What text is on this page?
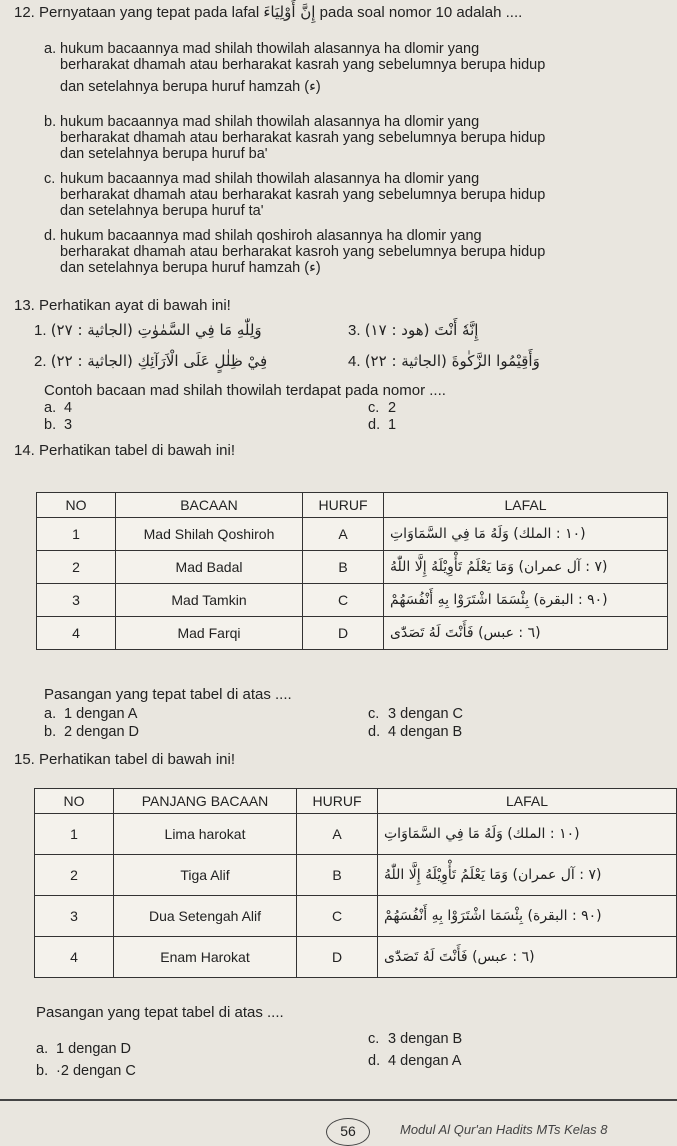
12. Pernyataan yang tepat pada lafal إِنَّ أَوْلِيَاءَ pada soal nomor 10 adalah ....
a. hukum bacaannya mad shilah thowilah alasannya ha dlomir yang
berharakat dhamah atau berharakat kasrah yang sebelumnya berupa hidup
dan setelahnya berupa huruf hamzah (ء)
b. hukum bacaannya mad shilah thowilah alasannya ha dlomir yang
berharakat dhamah atau berharakat kasrah yang sebelumnya berupa hidup
dan setelahnya berupa huruf ba'
c. hukum bacaannya mad shilah thowilah alasannya ha dlomir yang
berharakat dhamah atau berharakat kasrah yang sebelumnya berupa hidup
dan setelahnya berupa huruf ta'
d. hukum bacaannya mad shilah qoshiroh alasannya ha dlomir yang
berharakat dhamah atau berharakat kasroh yang sebelumnya berupa hidup
dan setelahnya berupa huruf hamzah (ء)
13. Perhatikan ayat di bawah ini!
1. وَلِلّٰهِ مَا فِي السَّمٰوٰتِ (الجاثية : ٢٧)	3. إِنَّهٗ أَنْتَ (هود : ١٧)
2. فِيْ ظِلٰلٍ عَلَى الْاَرَآئِكِ (الجاثية : ٢٢)	4. وَأَقِيْمُوا الزَّكٰوةَ (الجاثية : ٢٢)
Contoh bacaan mad shilah thowilah terdapat pada nomor ....
a. 4
b. 3
c. 2
d. 1
14. Perhatikan tabel di bawah ini!
NO	BACAAN	HURUF	LAFAL
1	Mad Shilah Qoshiroh	A	(١٠ : الملك) وَلَهُ مَا فِي السَّمَاوَاتِ
2	Mad Badal	B	(٧ : آل عمران) وَمَا يَعْلَمُ تَأْوِيْلَهُ إِلَّا اللّٰهُ
3	Mad Tamkin	C	(٩٠ : البقرة) بِئْسَمَا اشْتَرَوْا بِهِ أَنْفُسَهُمْ
4	Mad Farqi	D	(٦ : عبس) فَأَنْتَ لَهُ تَصَدّٰى
Pasangan yang tepat tabel di atas ....
a. 1 dengan A
b. 2 dengan D
c. 3 dengan C
d. 4 dengan B
15. Perhatikan tabel di bawah ini!
NO	PANJANG BACAAN	HURUF	LAFAL
1	Lima harokat	A	(١٠ : الملك) وَلَهُ مَا فِي السَّمَاوَاتِ
2	Tiga Alif	B	(٧ : آل عمران) وَمَا يَعْلَمُ تَأْوِيْلَهُ إِلَّا اللّٰهُ
3	Dua Setengah Alif	C	(٩٠ : البقرة) بِئْسَمَا اشْتَرَوْا بِهِ أَنْفُسَهُمْ
4	Enam Harokat	D	(٦ : عبس) فَأَنْتَ لَهُ تَصَدّٰى
Pasangan yang tepat tabel di atas ....
a. 1 dengan D
b. ·2 dengan C
c. 3 dengan B
d. 4 dengan A
56	Modul Al Qur'an Hadits MTs Kelas 8
